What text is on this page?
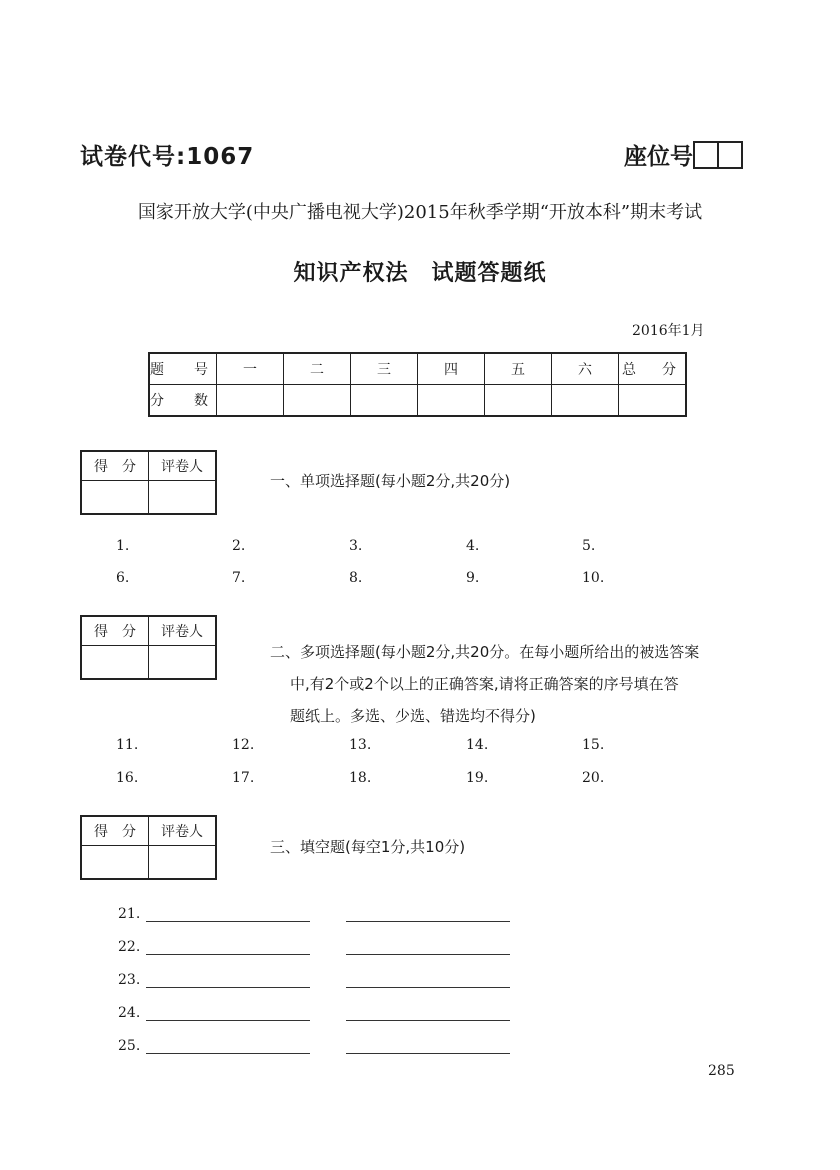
试卷代号:1067	座位号
国家开放大学(中央广播电视大学)2015年秋季学期“开放本科”期末考试
知识产权法　试题答题纸
2016年1月
题　号	一	二	三	四	五	六	总　分
分　数							
得　分	评卷人

一、单项选择题(每小题2分,共20分)
1.	2.	3.	4.	5.
6.	7.	8.	9.	10.
得　分	评卷人

二、多项选择题(每小题2分,共20分。在每小题所给出的被选答案
中,有2个或2个以上的正确答案,请将正确答案的序号填在答
题纸上。多选、少选、错选均不得分)
11.	12.	13.	14.	15.
16.	17.	18.	19.	20.
得　分	评卷人

三、填空题(每空1分,共10分)
21.
22.
23.
24.
25.
285
